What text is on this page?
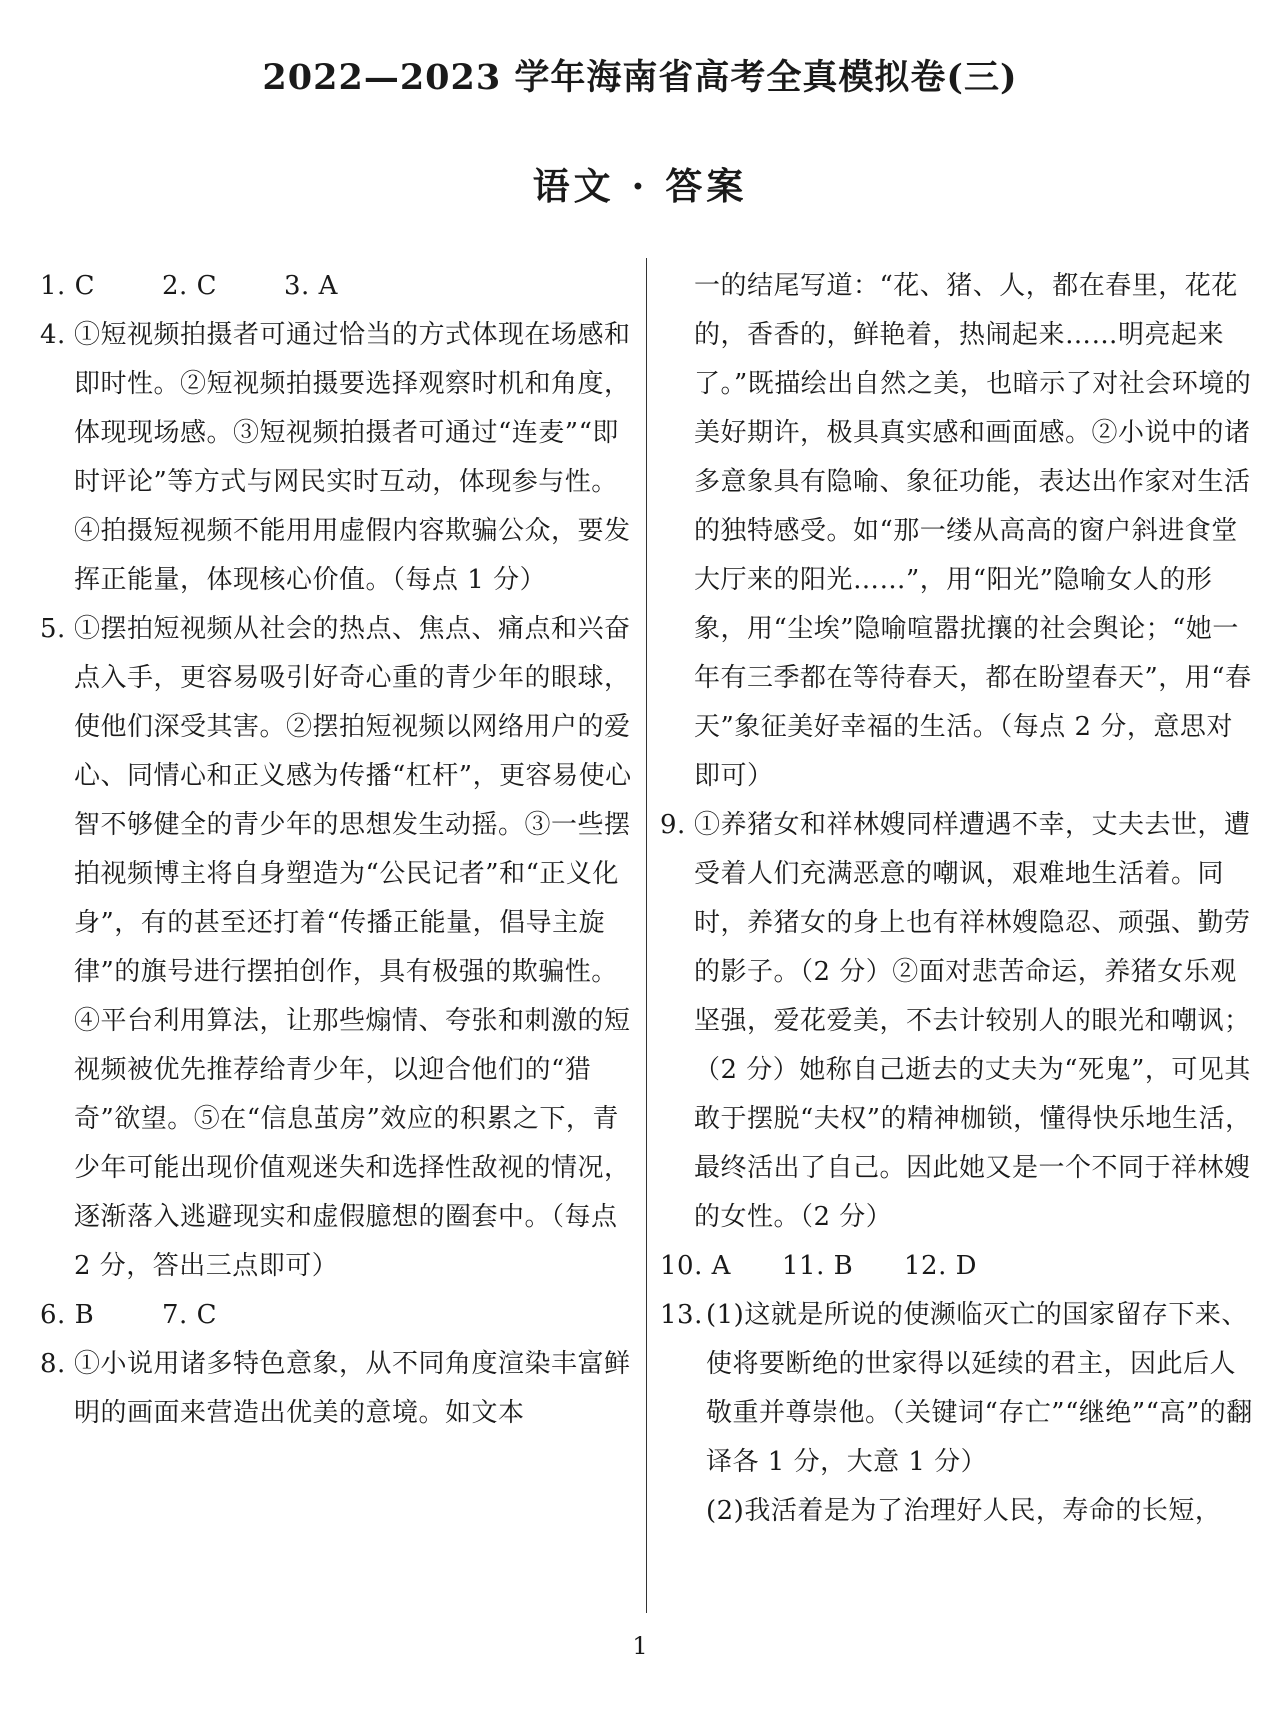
2022—2023 学年海南省高考全真模拟卷(三)
语文 · 答案
1. C	2. C	3. A
4. ①短视频拍摄者可通过恰当的方式体现在场感和即时性。②短视频拍摄要选择观察时机和角度，体现现场感。③短视频拍摄者可通过“连麦”“即时评论”等方式与网民实时互动，体现参与性。④拍摄短视频不能用用虚假内容欺骗公众，要发挥正能量，体现核心价值。（每点 1 分）

5. ①摆拍短视频从社会的热点、焦点、痛点和兴奋点入手，更容易吸引好奇心重的青少年的眼球，使他们深受其害。②摆拍短视频以网络用户的爱心、同情心和正义感为传播“杠杆”，更容易使心智不够健全的青少年的思想发生动摇。③一些摆拍视频博主将自身塑造为“公民记者”和“正义化身”，有的甚至还打着“传播正能量，倡导主旋律”的旗号进行摆拍创作，具有极强的欺骗性。④平台利用算法，让那些煽情、夸张和刺激的短视频被优先推荐给青少年，以迎合他们的“猎奇”欲望。⑤在“信息茧房”效应的积累之下，青少年可能出现价值观迷失和选择性敌视的情况，逐渐落入逃避现实和虚假臆想的圈套中。（每点 2 分，答出三点即可）

6. B	7. C
8. ①小说用诸多特色意象，从不同角度渲染丰富鲜明的画面来营造出优美的意境。如文本

一的结尾写道：“花、猪、人，都在春里，花花的，香香的，鲜艳着，热闹起来……明亮起来了。”既描绘出自然之美，也暗示了对社会环境的美好期许，极具真实感和画面感。②小说中的诸多意象具有隐喻、象征功能，表达出作家对生活的独特感受。如“那一缕从高高的窗户斜进食堂大厅来的阳光……”，用“阳光”隐喻女人的形象，用“尘埃”隐喻喧嚣扰攘的社会舆论；“她一年有三季都在等待春天，都在盼望春天”，用“春天”象征美好幸福的生活。（每点 2 分，意思对即可）

9. ①养猪女和祥林嫂同样遭遇不幸，丈夫去世，遭受着人们充满恶意的嘲讽，艰难地生活着。同时，养猪女的身上也有祥林嫂隐忍、顽强、勤劳的影子。（2 分）②面对悲苦命运，养猪女乐观坚强，爱花爱美，不去计较别人的眼光和嘲讽；（2 分）她称自己逝去的丈夫为“死鬼”，可见其敢于摆脱“夫权”的精神枷锁，懂得快乐地生活，最终活出了自己。因此她又是一个不同于祥林嫂的女性。（2 分）

10. A	11. B	12. D
13. (1)这就是所说的使濒临灭亡的国家留存下来、使将要断绝的世家得以延续的君主，因此后人敬重并尊崇他。（关键词“存亡”“继绝”“高”的翻译各 1 分，大意 1 分）

(2)我活着是为了治理好人民，寿命的长短，

1
